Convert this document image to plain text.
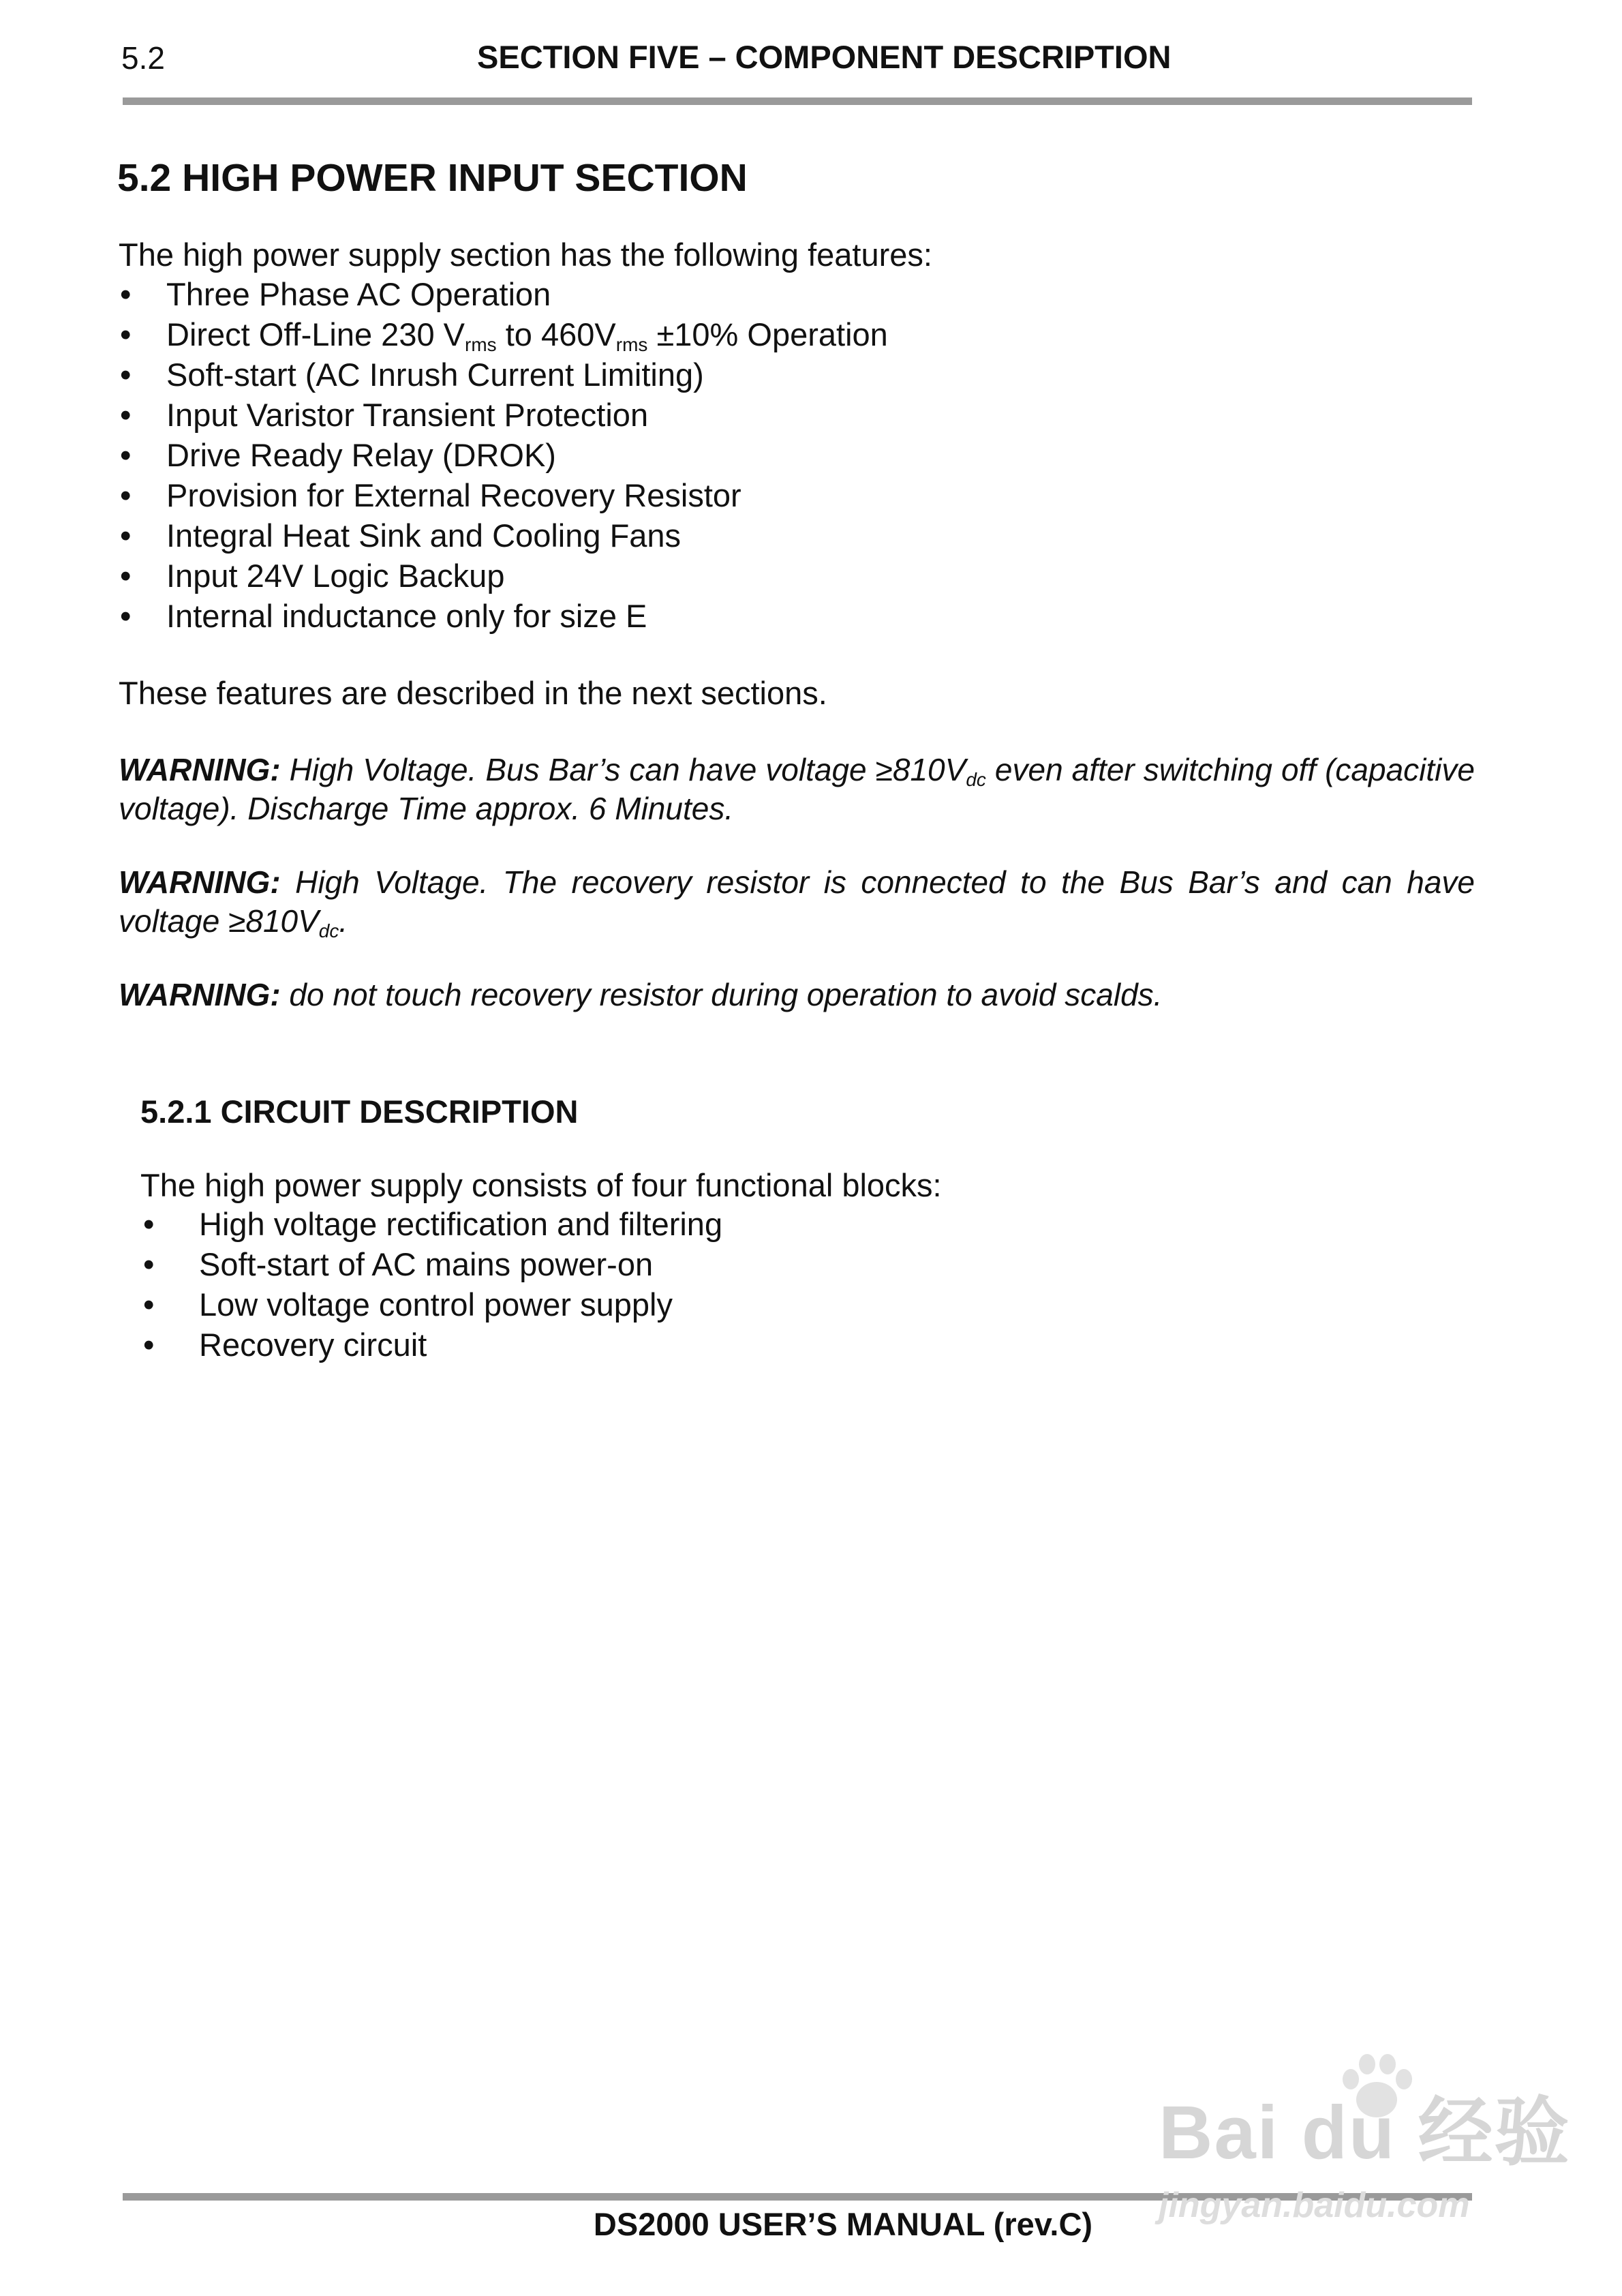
5.2	SECTION FIVE – COMPONENT DESCRIPTION
5.2 HIGH POWER INPUT SECTION
The high power supply section has the following features:
• Three Phase AC Operation
• Direct Off-Line 230 $V_{rms}$ to $460V_{rms} \pm 10\%$ Operation
• Soft-start (AC Inrush Current Limiting)
• Input Varistor Transient Protection
• Drive Ready Relay (DROK)
• Provision for External Recovery Resistor
• Integral Heat Sink and Cooling Fans
• Input 24V Logic Backup
• Internal inductance only for size E
These features are described in the next sections.
WARNING: High Voltage. Bus Bar’s can have voltage $\ge 810V_{dc}$ even after switching off (capacitive voltage). Discharge Time approx. 6 Minutes.
WARNING: High Voltage. The recovery resistor is connected to the Bus Bar’s and can have voltage $\ge 810V_{dc}$.
WARNING: do not touch recovery resistor during operation to avoid scalds.
5.2.1 CIRCUIT DESCRIPTION
The high power supply consists of four functional blocks:
• High voltage rectification and filtering
• Soft-start of AC mains power-on
• Low voltage control power supply
• Recovery circuit
Bai du 经验
DS2000 USER’S MANUAL (rev.C)	jingyan.baidu.com
